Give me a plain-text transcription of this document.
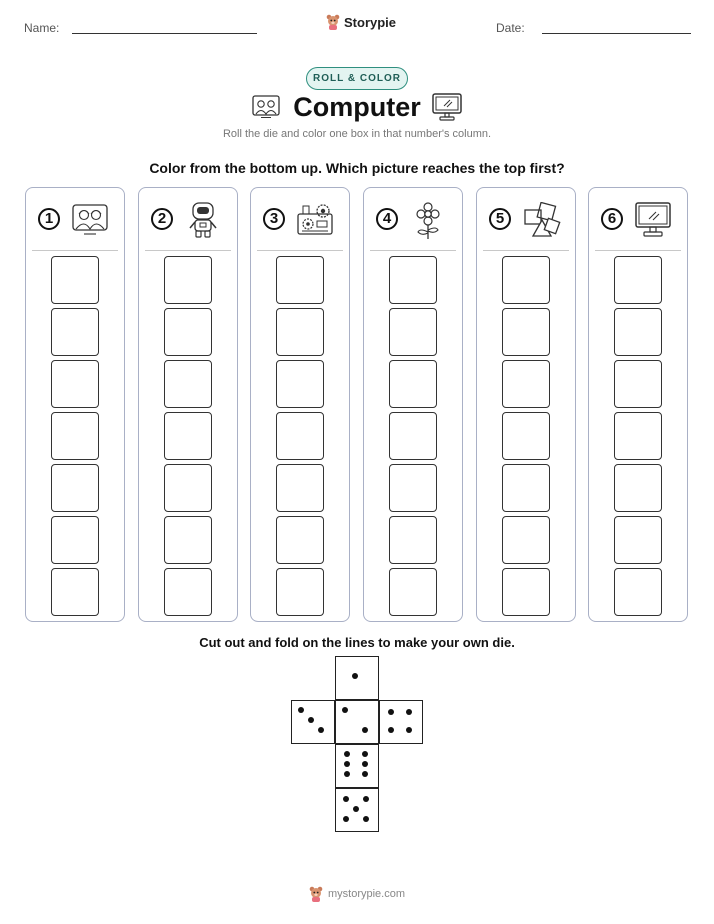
Name:	Storypie	Date:
ROLL & COLOR
Computer
Roll the die and color one box in that number's column.
Color from the bottom up. Which picture reaches the top first?
1	2	3	4	5	6
Cut out and fold on the lines to make your own die.
mystorypie.com
